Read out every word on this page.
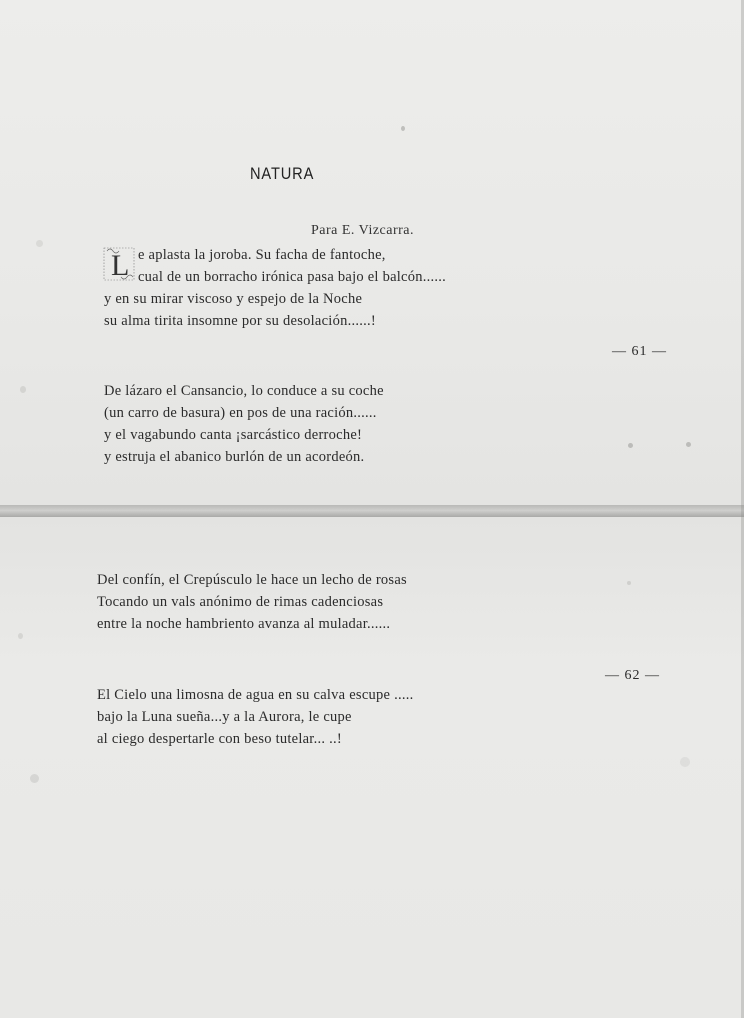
NATURA
Para E. Vizcarra.
L e aplasta la joroba. Su facha de fantoche,
cual de un borracho irónica pasa bajo el balcón......
y en su mirar viscoso y espejo de la Noche
su alma tirita insomne por su desolación......!
— 61 —
De lázaro el Cansancio, lo conduce a su coche
(un carro de basura) en pos de una ración......
y el vagabundo canta ¡sarcástico derroche!
y estruja el abanico burlón de un acordeón.
Del confín, el Crepúsculo le hace un lecho de rosas
Tocando un vals anónimo de rimas cadenciosas
entre la noche hambriento avanza al muladar......
— 62 —
El Cielo una limosna de agua en su calva escupe .....
bajo la Luna sueña...y a la Aurora, le cupe
al ciego despertarle con beso tutelar... ..!
